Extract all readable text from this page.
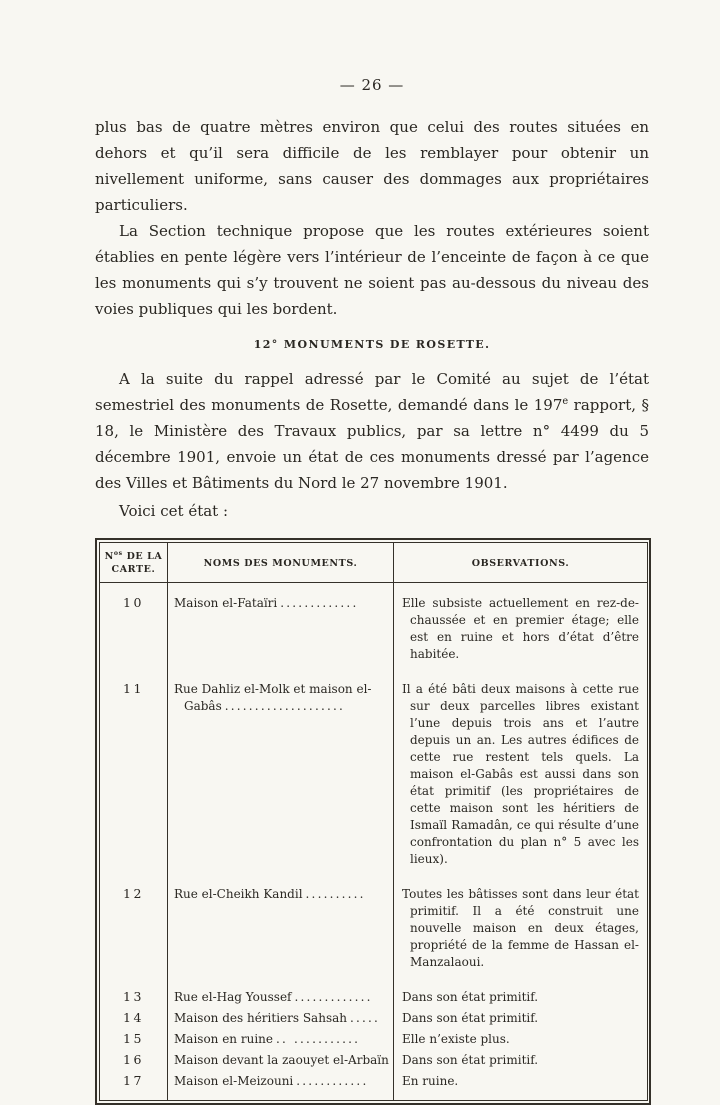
— 26 —

plus bas de quatre mètres environ que celui des routes situées en dehors et qu’il sera difficile de les remblayer pour obtenir un nivellement uniforme, sans causer des dommages aux propriétaires particuliers.

La Section technique propose que les routes extérieures soient établies en pente légère vers l’intérieur de l’enceinte de façon à ce que les monuments qui s’y trouvent ne soient pas au-dessous du niveau des voies publiques qui les bordent.

12° MONUMENTS DE ROSETTE.

A la suite du rappel adressé par le Comité au sujet de l’état semestriel des monuments de Rosette, demandé dans le 197e rapport, § 18, le Ministère des Travaux publics, par sa lettre n° 4499 du 5 décembre 1901, envoie un état de ces monuments dressé par l’agence des Villes et Bâtiments du Nord le 27 novembre 1901.

Voici cet état :

$N^{os}$ DE LA CARTE.	NOMS DES MONUMENTS.	OBSERVATIONS.
10	Maison el-Fataïri .............	Elle subsiste actuellement en rez-de-chaussée et en premier étage; elle est en ruine et hors d’état d’être habitée.
11	Rue Dahliz el-Molk et maison el-Gabâs ....................	Il a été bâti deux maisons à cette rue sur deux parcelles libres existant l’une depuis trois ans et l’autre depuis un an. Les autres édifices de cette rue restent tels quels. La maison el-Gabâs est aussi dans son état primitif (les propriétaires de cette maison sont les héritiers de Ismaïl Ramadân, ce qui résulte d’une confrontation du plan n° 5 avec les lieux).
12	Rue el-Cheikh Kandil ..........	Toutes les bâtisses sont dans leur état primitif. Il a été construit une nouvelle maison en deux étages, propriété de la femme de Hassan el-Manzalaoui.
13	Rue el-Hag Youssef .............	Dans son état primitif.
14	Maison des héritiers Sahsah .....	Dans son état primitif.
15	Maison en ruine .. ...........	Elle n’existe plus.
16	Maison devant la zaouyet el-Arbaïn	Dans son état primitif.
17	Maison el-Meizouni ............	En ruine.
